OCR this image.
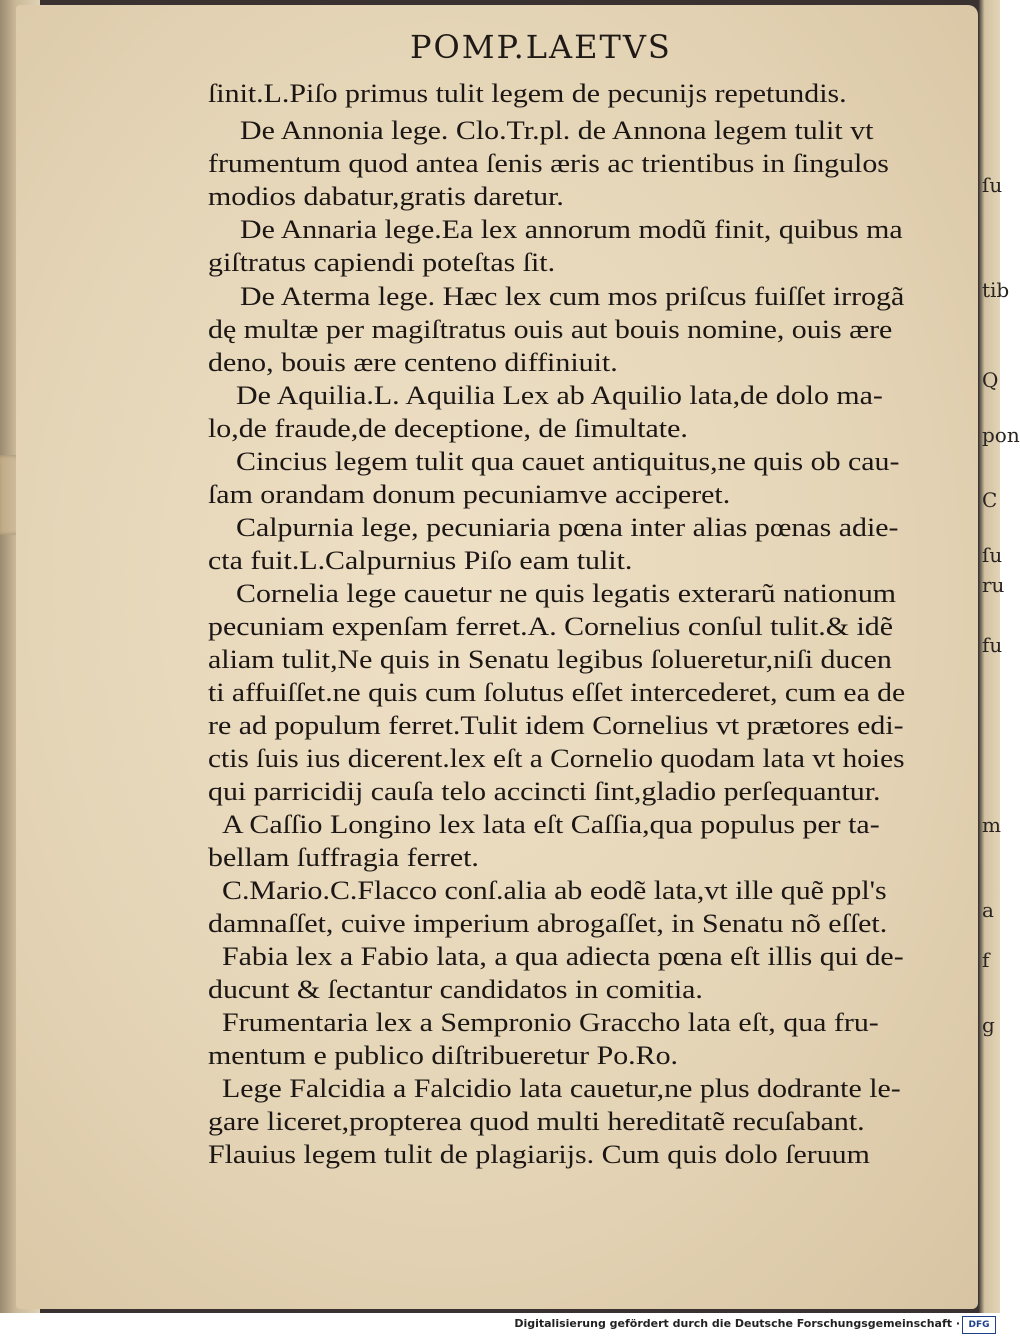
ſu
tib
Q
pon
C
ſu
ru
fu
m
a
f
g
POMP.LAETVS
ſinit.L.Piſo primus tulit legem de pecunijs repetundis.
De Annonia lege. Clo.Tr.pl. de Annona legem tulit vt
frumentum quod antea ſenis æris ac trientibus in ſingulos
modios dabatur,gratis daretur.
De Annaria lege.Ea lex annorum modũ finit, quibus ma
giſtratus capiendi poteſtas ſit.
De Aterma lege. Hæc lex cum mos priſcus fuiſſet irrogã
dę multæ per magiſtratus ouis aut bouis nomine, ouis ære
deno, bouis ære centeno diffiniuit.
De Aquilia.L. Aquilia Lex ab Aquilio lata,de dolo ma-
lo,de fraude,de deceptione, de ſimultate.
Cincius legem tulit qua cauet antiquitus,ne quis ob cau-
ſam orandam donum pecuniamve acciperet.
Calpurnia lege, pecuniaria pœna inter alias pœnas adie-
cta fuit.L.Calpurnius Piſo eam tulit.
Cornelia lege cauetur ne quis legatis exterarũ nationum
pecuniam expenſam ferret.A. Cornelius conſul tulit.& idẽ
aliam tulit,Ne quis in Senatu legibus ſolueretur,niſi ducen
ti affuiſſet.ne quis cum ſolutus eſſet intercederet, cum ea de
re ad populum ferret.Tulit idem Cornelius vt prætores edi-
ctis ſuis ius dicerent.lex eſt a Cornelio quodam lata vt hoies
qui parricidij cauſa telo accincti ſint,gladio perſequantur.
A Caſſio Longino lex lata eſt Caſſia,qua populus per ta-
bellam ſuffragia ferret.
C.Mario.C.Flacco conſ.alia ab eodẽ lata,vt ille quẽ ppl's
damnaſſet, cuive imperium abrogaſſet, in Senatu nõ eſſet.
Fabia lex a Fabio lata, a qua adiecta pœna eſt illis qui de-
ducunt & ſectantur candidatos in comitia.
Frumentaria lex a Sempronio Graccho lata eſt, qua fru-
mentum e publico diſtribueretur Po.Ro.
Lege Falcidia a Falcidio lata cauetur,ne plus dodrante le-
gare liceret,propterea quod multi hereditatẽ recuſabant.
Flauius legem tulit de plagiarijs. Cum quis dolo ſeruum
Digitalisierung gefördert durch die Deutsche Forschungsgemeinschaft · DFG
